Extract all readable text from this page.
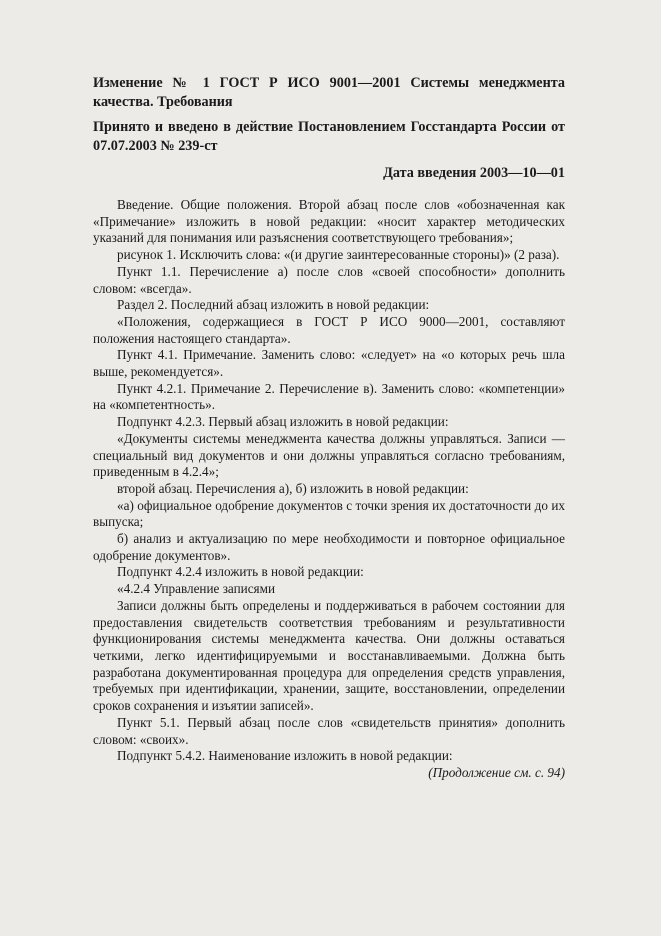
Изменение № 1 ГОСТ Р ИСО 9001—2001 Системы менеджмента качества. Требования

Принято и введено в действие Постановлением Госстандарта России от 07.07.2003 № 239-ст

Дата введения 2003—10—01

Введение. Общие положения. Второй абзац после слов «обозначенная как «Примечание» изложить в новой редакции: «носит характер методических указаний для понимания или разъяснения соответствующего требования»;

рисунок 1. Исключить слова: «(и другие заинтересованные стороны)» (2 раза).

Пункт 1.1. Перечисление а) после слов «своей способности» дополнить словом: «всегда».

Раздел 2. Последний абзац изложить в новой редакции:

«Положения, содержащиеся в ГОСТ Р ИСО 9000—2001, составляют положения настоящего стандарта».

Пункт 4.1. Примечание. Заменить слово: «следует» на «о которых речь шла выше, рекомендуется».

Пункт 4.2.1. Примечание 2. Перечисление в). Заменить слово: «компетенции» на «компетентность».

Подпункт 4.2.3. Первый абзац изложить в новой редакции:

«Документы системы менеджмента качества должны управляться. Записи — специальный вид документов и они должны управляться согласно требованиям, приведенным в 4.2.4»;

второй абзац. Перечисления а), б) изложить в новой редакции:

«а) официальное одобрение документов с точки зрения их достаточности до их выпуска;

б) анализ и актуализацию по мере необходимости и повторное официальное одобрение документов».

Подпункт 4.2.4 изложить в новой редакции:

«4.2.4 Управление записями

Записи должны быть определены и поддерживаться в рабочем состоянии для предоставления свидетельств соответствия требованиям и результативности функционирования системы менеджмента качества. Они должны оставаться четкими, легко идентифицируемыми и восстанавливаемыми. Должна быть разработана документированная процедура для определения средств управления, требуемых при идентификации, хранении, защите, восстановлении, определении сроков сохранения и изъятии записей».

Пункт 5.1. Первый абзац после слов «свидетельств принятия» дополнить словом: «своих».

Подпункт 5.4.2. Наименование изложить в новой редакции:

(Продолжение см. с. 94)
